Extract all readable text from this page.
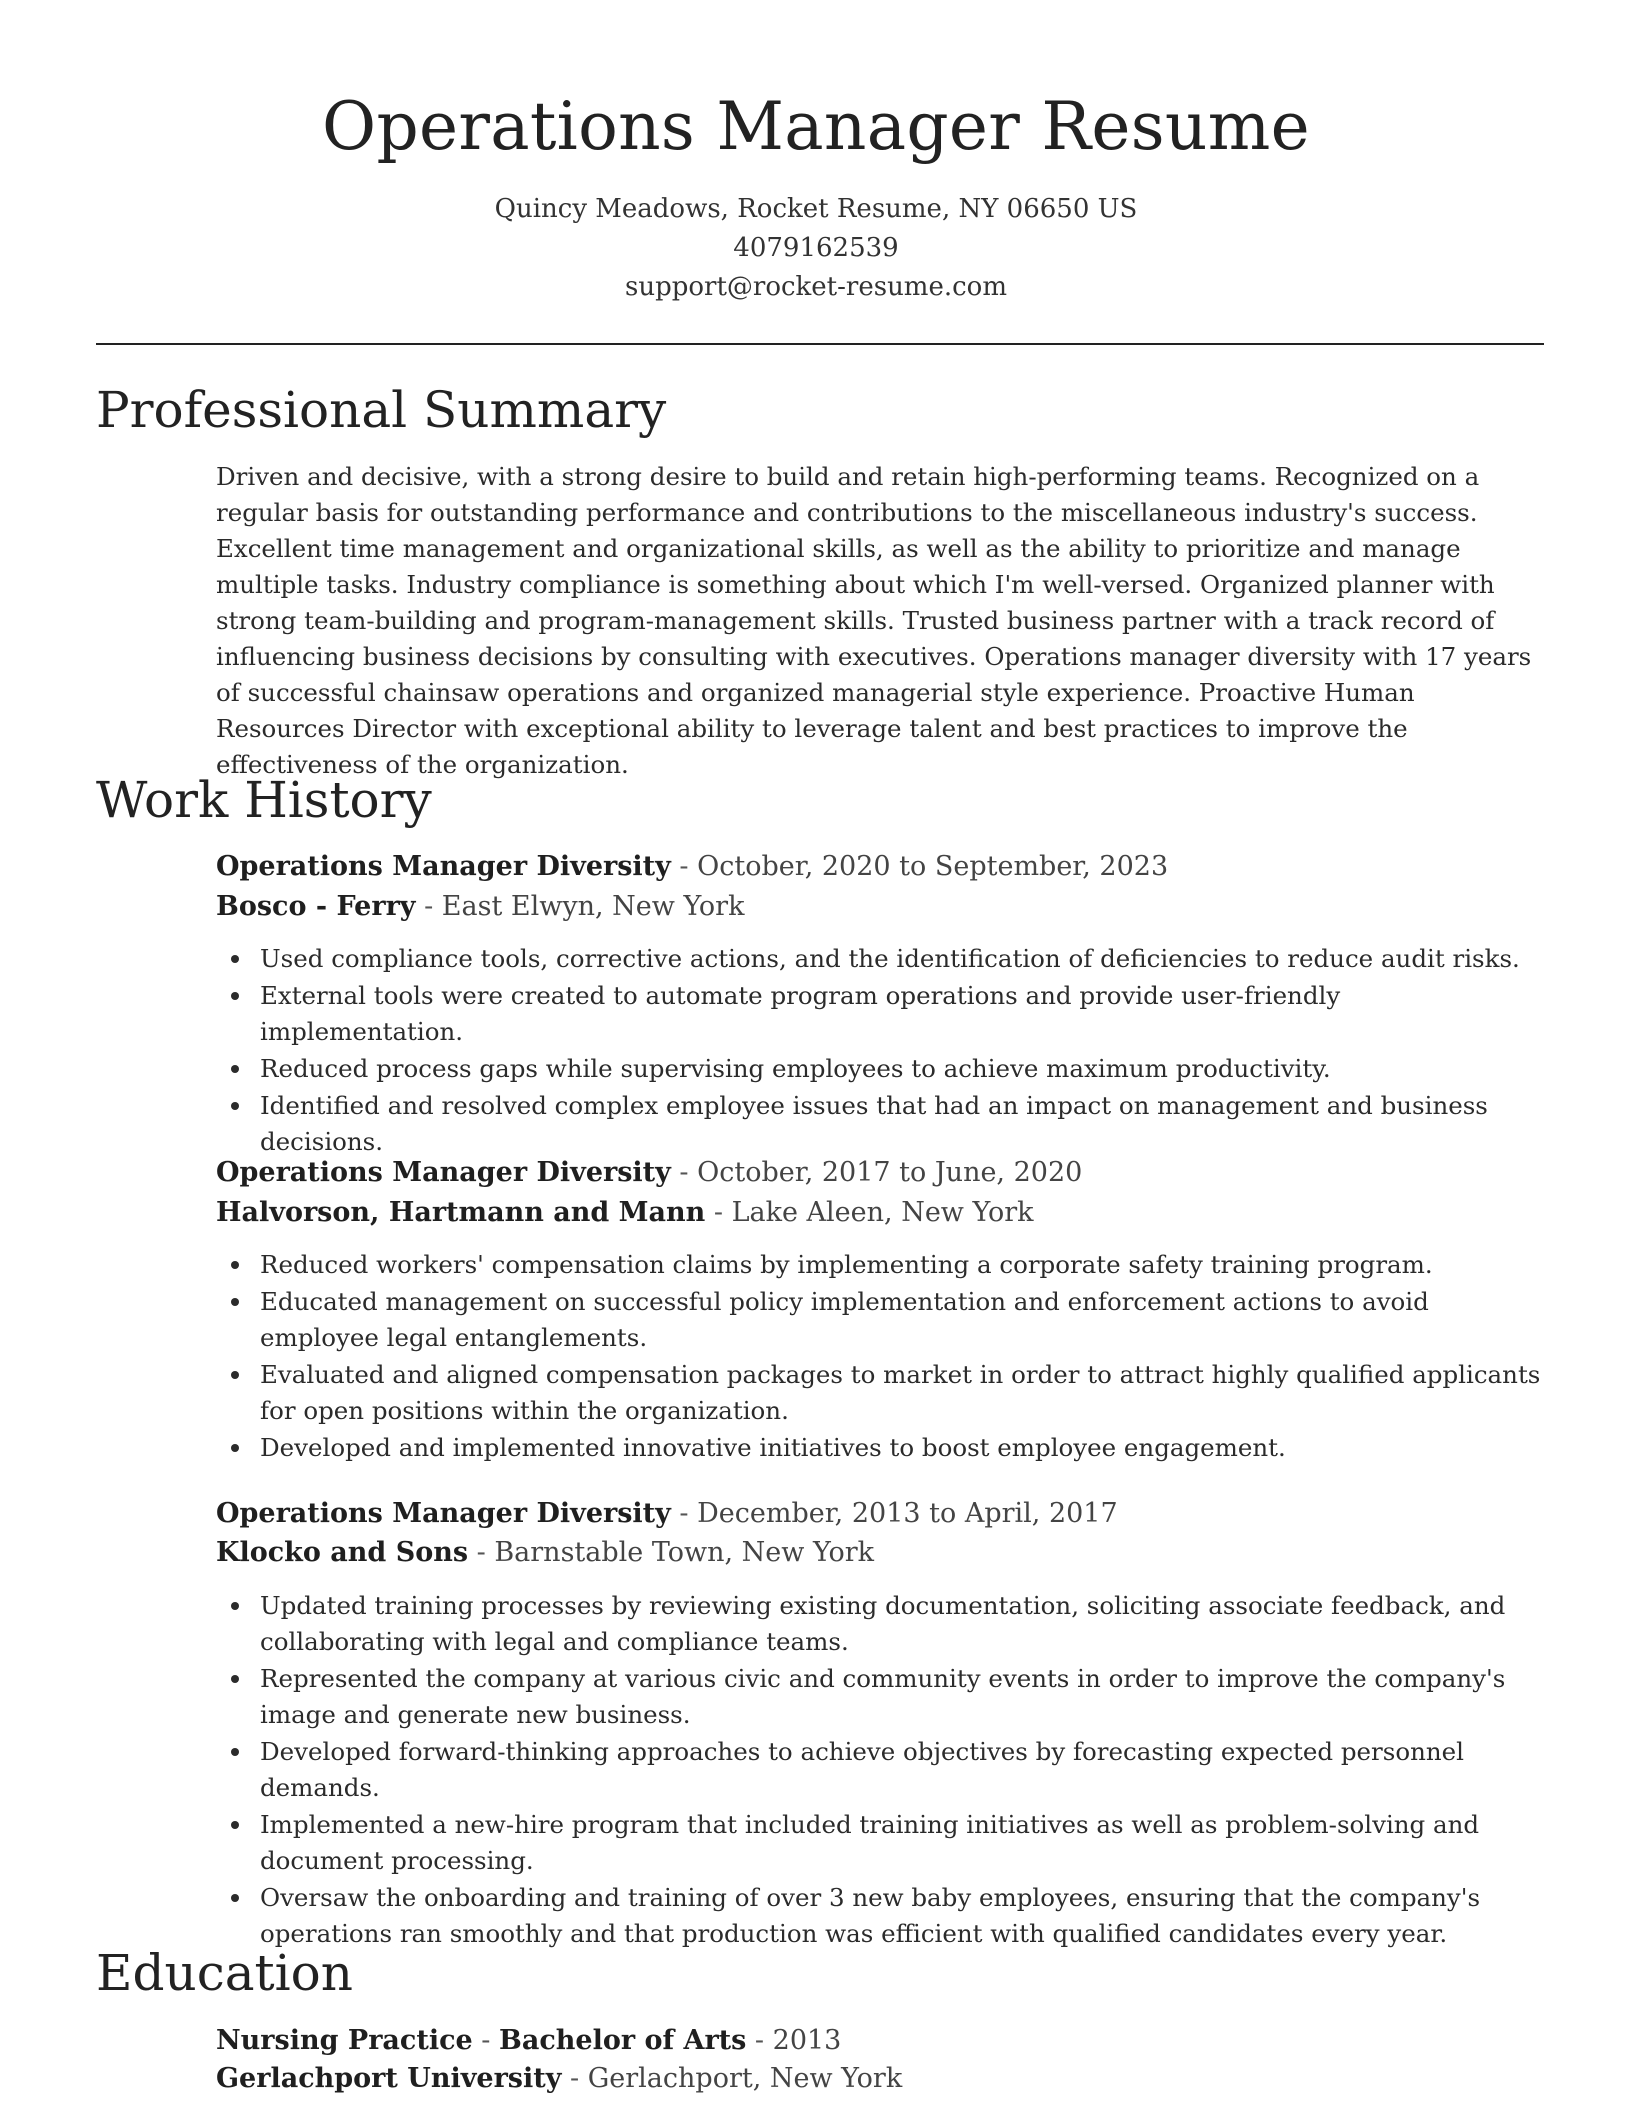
Operations Manager Resume
Quincy Meadows, Rocket Resume, NY 06650 US
4079162539
support@rocket-resume.com
Professional Summary

Driven and decisive, with a strong desire to build and retain high-performing teams. Recognized on a regular basis for outstanding performance and contributions to the miscellaneous industry's success. Excellent time management and organizational skills, as well as the ability to prioritize and manage multiple tasks. Industry compliance is something about which I'm well-versed. Organized planner with strong team-building and program-management skills. Trusted business partner with a track record of influencing business decisions by consulting with executives. Operations manager diversity with 17 years of successful chainsaw operations and organized managerial style experience. Proactive Human Resources Director with exceptional ability to leverage talent and best practices to improve the effectiveness of the organization.

Work History
Operations Manager Diversity - October, 2020 to September, 2023
Bosco - Ferry - East Elwyn, New York
Used compliance tools, corrective actions, and the identification of deficiencies to reduce audit risks.
External tools were created to automate program operations and provide user-friendly implementation.
Reduced process gaps while supervising employees to achieve maximum productivity.
Identified and resolved complex employee issues that had an impact on management and business decisions.
Operations Manager Diversity - October, 2017 to June, 2020
Halvorson, Hartmann and Mann - Lake Aleen, New York
Reduced workers' compensation claims by implementing a corporate safety training program.
Educated management on successful policy implementation and enforcement actions to avoid employee legal entanglements.
Evaluated and aligned compensation packages to market in order to attract highly qualified applicants for open positions within the organization.
Developed and implemented innovative initiatives to boost employee engagement.
Operations Manager Diversity - December, 2013 to April, 2017
Klocko and Sons - Barnstable Town, New York
Updated training processes by reviewing existing documentation, soliciting associate feedback, and collaborating with legal and compliance teams.
Represented the company at various civic and community events in order to improve the company's image and generate new business.
Developed forward-thinking approaches to achieve objectives by forecasting expected personnel demands.
Implemented a new-hire program that included training initiatives as well as problem-solving and document processing.
Oversaw the onboarding and training of over 3 new baby employees, ensuring that the company's operations ran smoothly and that production was efficient with qualified candidates every year.
Education
Nursing Practice - Bachelor of Arts - 2013
Gerlachport University - Gerlachport, New York
